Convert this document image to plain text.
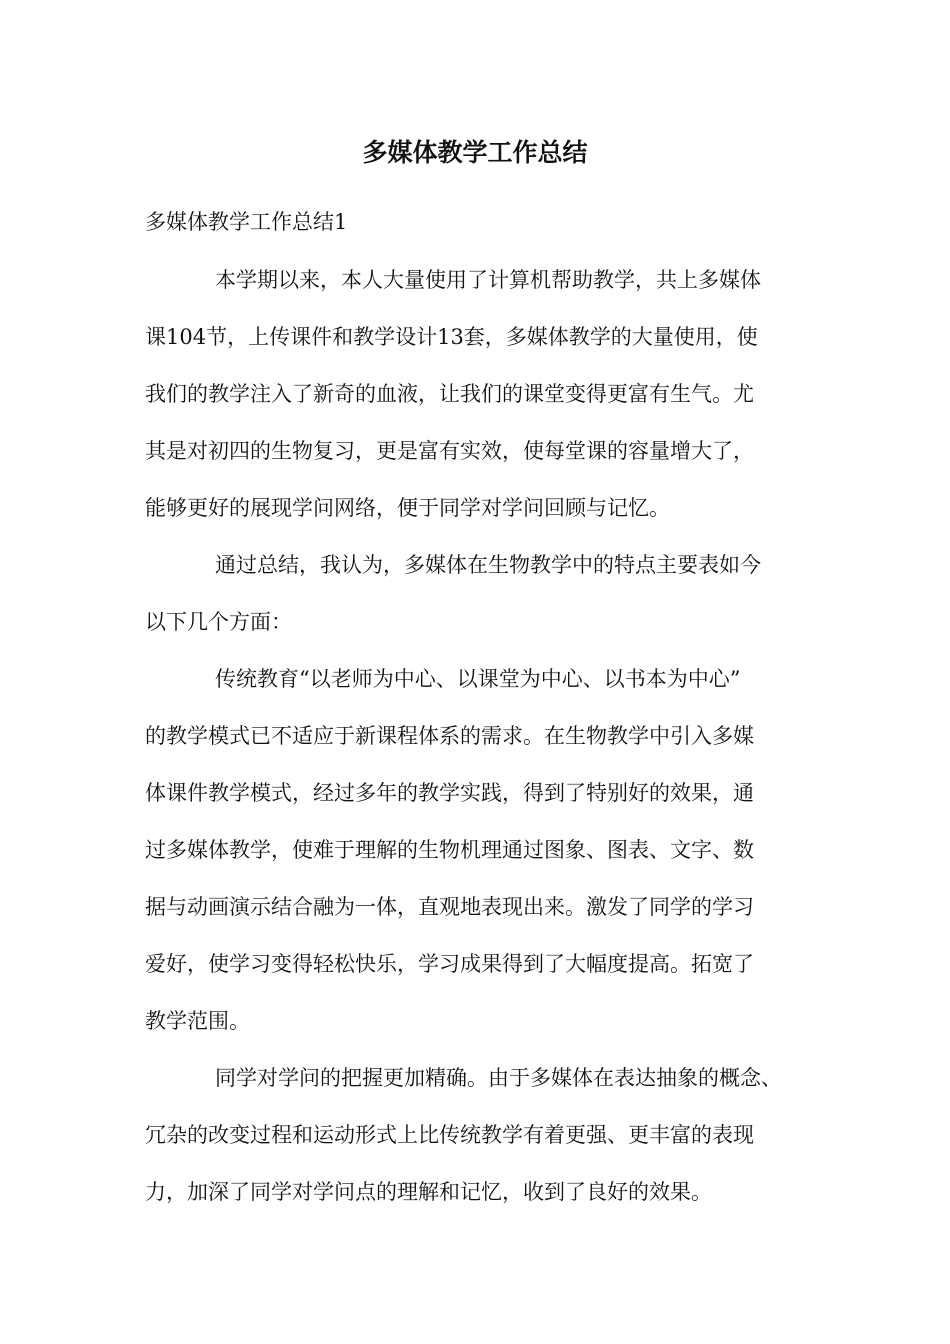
多媒体教学工作总结

多媒体教学工作总结1

本学期以来，本人大量使用了计算机帮助教学，共上多媒体
课104节，上传课件和教学设计13套，多媒体教学的大量使用，使
我们的教学注入了新奇的血液，让我们的课堂变得更富有生气。尤
其是对初四的生物复习，更是富有实效，使每堂课的容量增大了，
能够更好的展现学问网络，便于同学对学问回顾与记忆。

通过总结，我认为，多媒体在生物教学中的特点主要表如今
以下几个方面：

传统教育“以老师为中心、以课堂为中心、以书本为中心”
的教学模式已不适应于新课程体系的需求。在生物教学中引入多媒
体课件教学模式，经过多年的教学实践，得到了特别好的效果，通
过多媒体教学，使难于理解的生物机理通过图象、图表、文字、数
据与动画演示结合融为一体，直观地表现出来。激发了同学的学习
爱好，使学习变得轻松快乐，学习成果得到了大幅度提高。拓宽了
教学范围。

同学对学问的把握更加精确。由于多媒体在表达抽象的概念、
冗杂的改变过程和运动形式上比传统教学有着更强、更丰富的表现
力，加深了同学对学问点的理解和记忆，收到了良好的效果。
